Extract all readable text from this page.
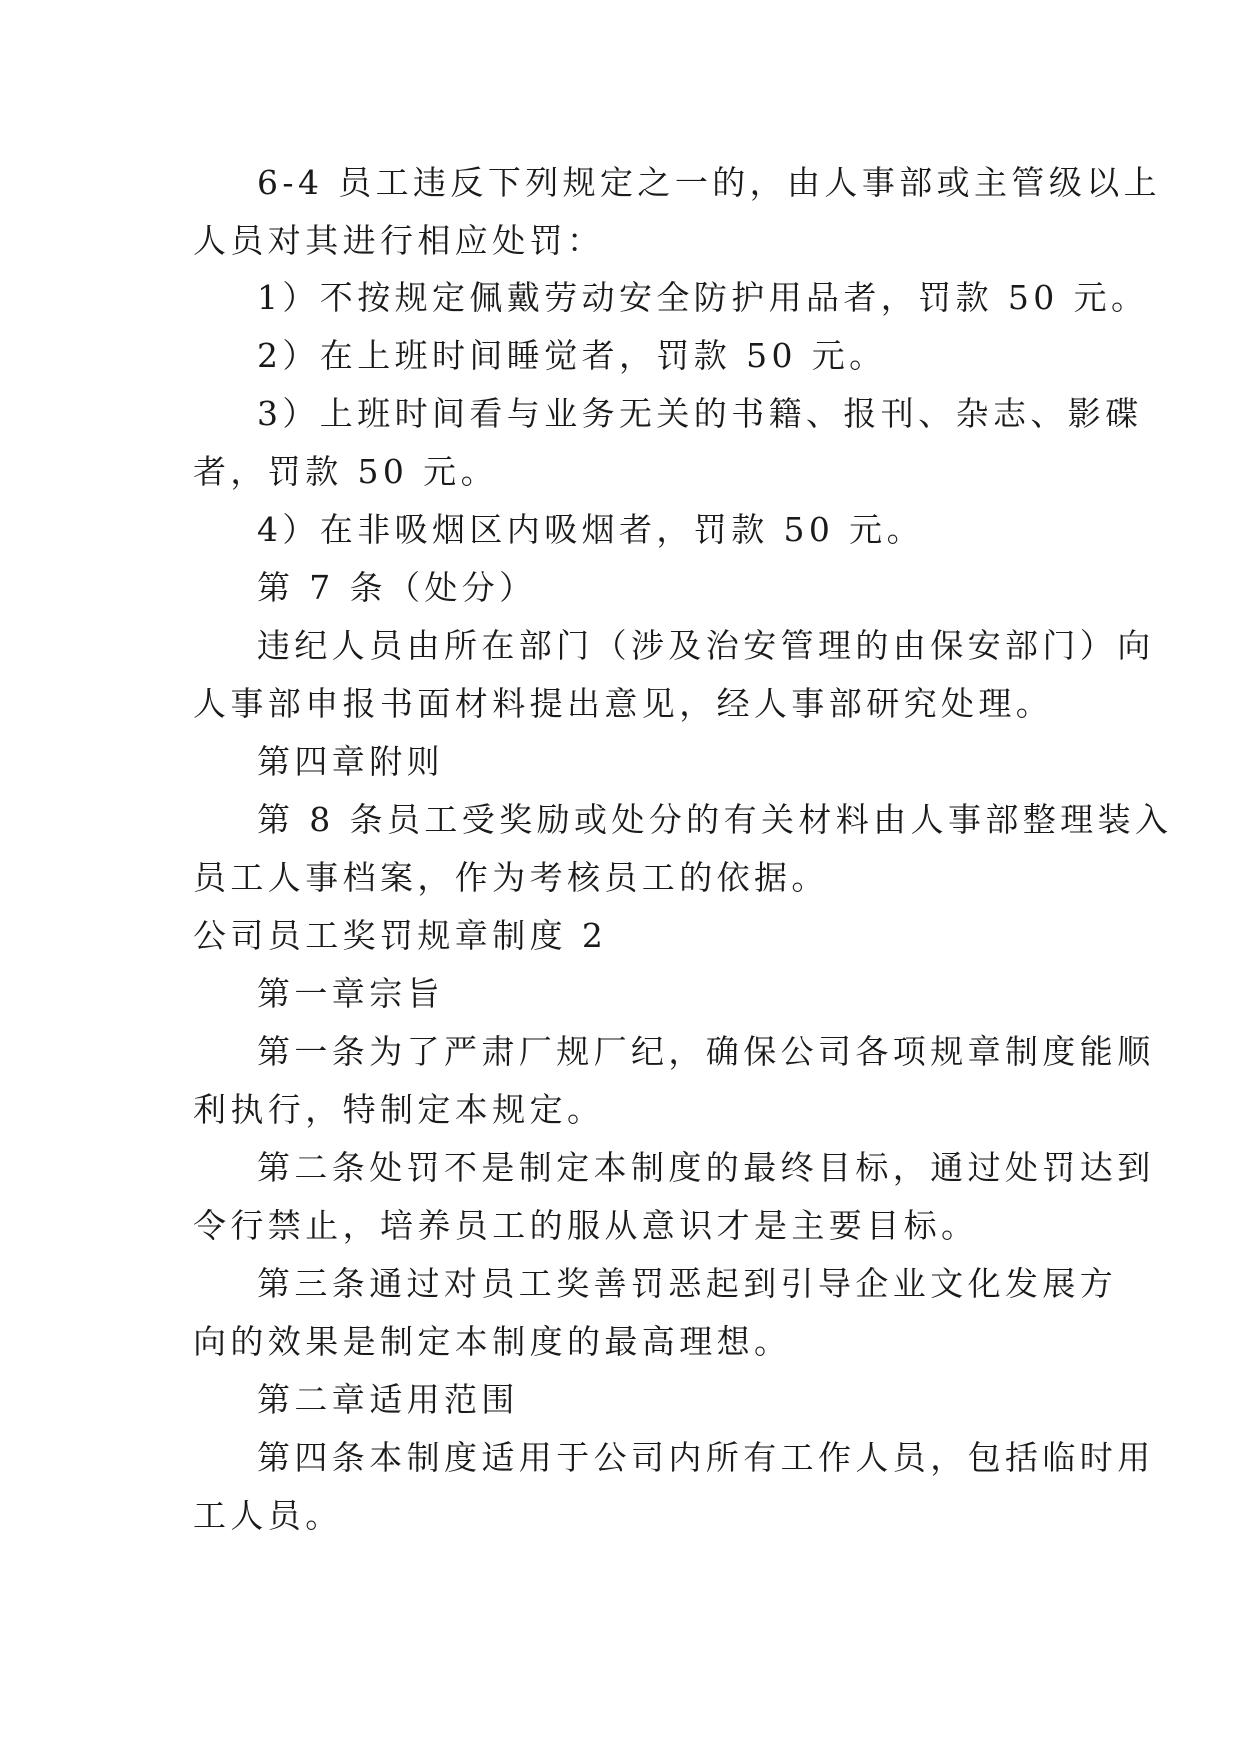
6-4 员工违反下列规定之一的，由人事部或主管级以上
人员对其进行相应处罚：
1）不按规定佩戴劳动安全防护用品者，罚款 50 元。
2）在上班时间睡觉者，罚款 50 元。
3）上班时间看与业务无关的书籍、报刊、杂志、影碟
者，罚款 50 元。
4）在非吸烟区内吸烟者，罚款 50 元。
第 7 条（处分）
违纪人员由所在部门（涉及治安管理的由保安部门）向
人事部申报书面材料提出意见，经人事部研究处理。
第四章附则
第 8 条员工受奖励或处分的有关材料由人事部整理装入
员工人事档案，作为考核员工的依据。
公司员工奖罚规章制度 2
第一章宗旨
第一条为了严肃厂规厂纪，确保公司各项规章制度能顺
利执行，特制定本规定。
第二条处罚不是制定本制度的最终目标，通过处罚达到
令行禁止，培养员工的服从意识才是主要目标。
第三条通过对员工奖善罚恶起到引导企业文化发展方
向的效果是制定本制度的最高理想。
第二章适用范围
第四条本制度适用于公司内所有工作人员，包括临时用
工人员。
